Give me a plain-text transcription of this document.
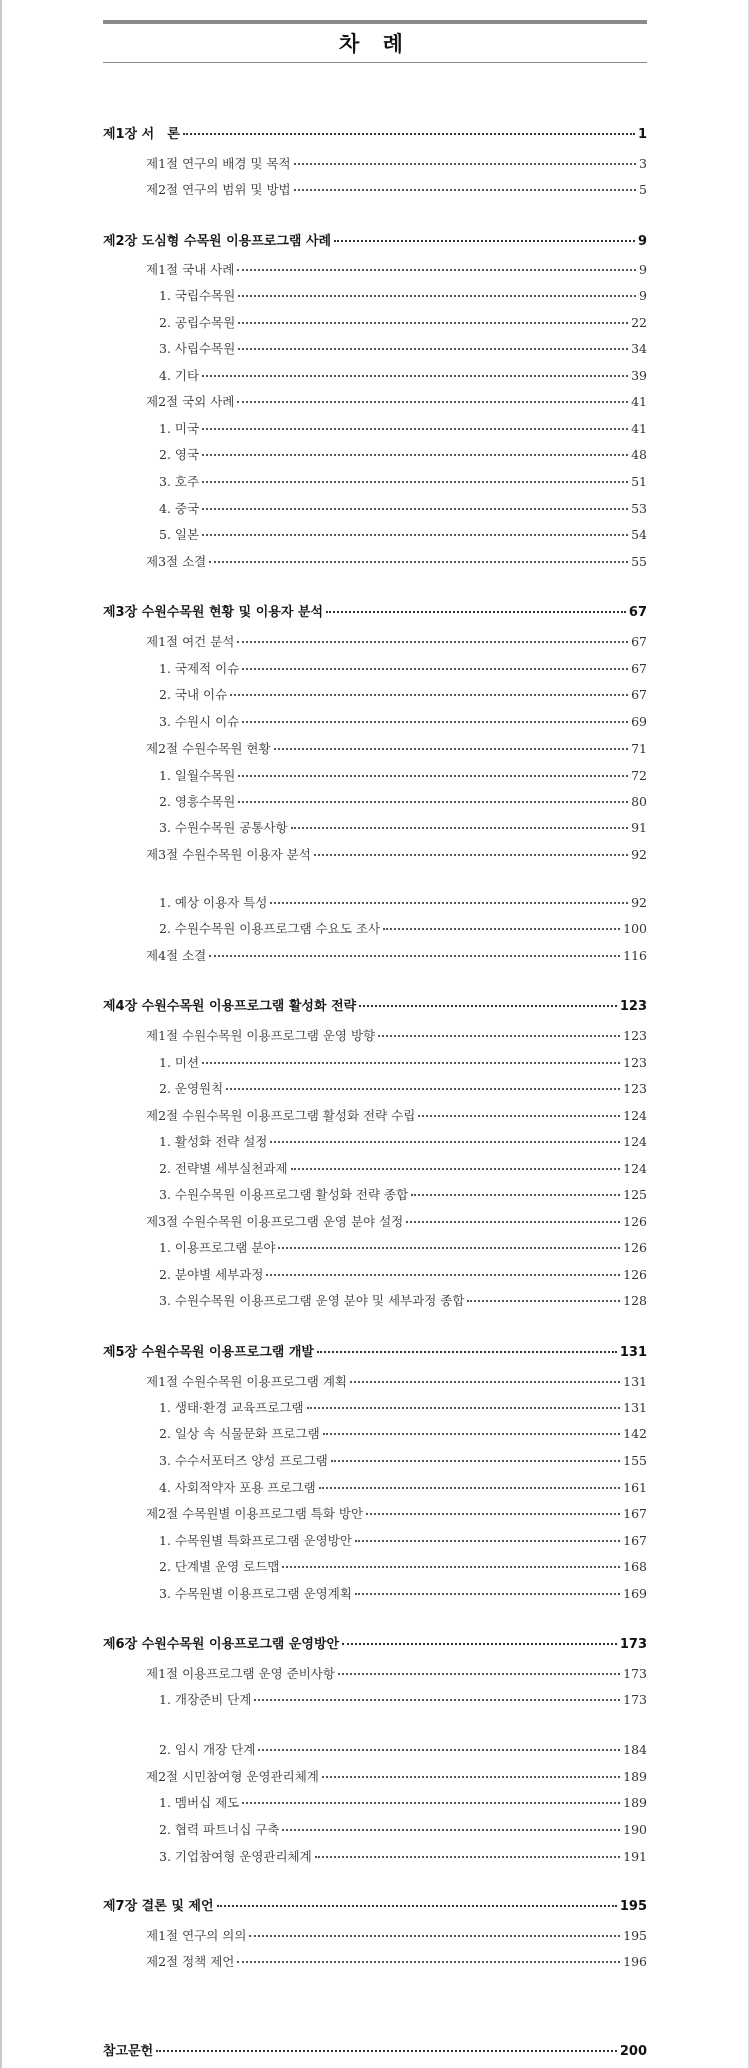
차 례
제1장 서　론	1
제1절 연구의 배경 및 목적	3
제2절 연구의 범위 및 방법	5
제2장 도심형 수목원 이용프로그램 사례	9
제1절 국내 사례	9
1. 국립수목원	9
2. 공립수목원	22
3. 사립수목원	34
4. 기타	39
제2절 국외 사례	41
1. 미국	41
2. 영국	48
3. 호주	51
4. 중국	53
5. 일본	54
제3절 소결	55
제3장 수원수목원 현황 및 이용자 분석	67
제1절 여건 분석	67
1. 국제적 이슈	67
2. 국내 이슈	67
3. 수원시 이슈	69
제2절 수원수목원 현황	71
1. 일월수목원	72
2. 영흥수목원	80
3. 수원수목원 공통사항	91
제3절 수원수목원 이용자 분석	92
1. 예상 이용자 특성	92
2. 수원수목원 이용프로그램 수요도 조사	100
제4절 소결	116
제4장 수원수목원 이용프로그램 활성화 전략	123
제1절 수원수목원 이용프로그램 운영 방향	123
1. 미션	123
2. 운영원칙	123
제2절 수원수목원 이용프로그램 활성화 전략 수립	124
1. 활성화 전략 설정	124
2. 전략별 세부실천과제	124
3. 수원수목원 이용프로그램 활성화 전략 종합	125
제3절 수원수목원 이용프로그램 운영 분야 설정	126
1. 이용프로그램 분야	126
2. 분야별 세부과정	126
3. 수원수목원 이용프로그램 운영 분야 및 세부과정 종합	128
제5장 수원수목원 이용프로그램 개발	131
제1절 수원수목원 이용프로그램 계획	131
1. 생태·환경 교육프로그램	131
2. 일상 속 식물문화 프로그램	142
3. 수수서포터즈 양성 프로그램	155
4. 사회적약자 포용 프로그램	161
제2절 수목원별 이용프로그램 특화 방안	167
1. 수목원별 특화프로그램 운영방안	167
2. 단계별 운영 로드맵	168
3. 수목원별 이용프로그램 운영계획	169
제6장 수원수목원 이용프로그램 운영방안	173
제1절 이용프로그램 운영 준비사항	173
1. 개장준비 단계	173
2. 임시 개장 단계	184
제2절 시민참여형 운영관리체계	189
1. 멤버십 제도	189
2. 협력 파트너십 구축	190
3. 기업참여형 운영관리체계	191
제7장 결론 및 제언	195
제1절 연구의 의의	195
제2절 정책 제언	196
참고문헌	200
